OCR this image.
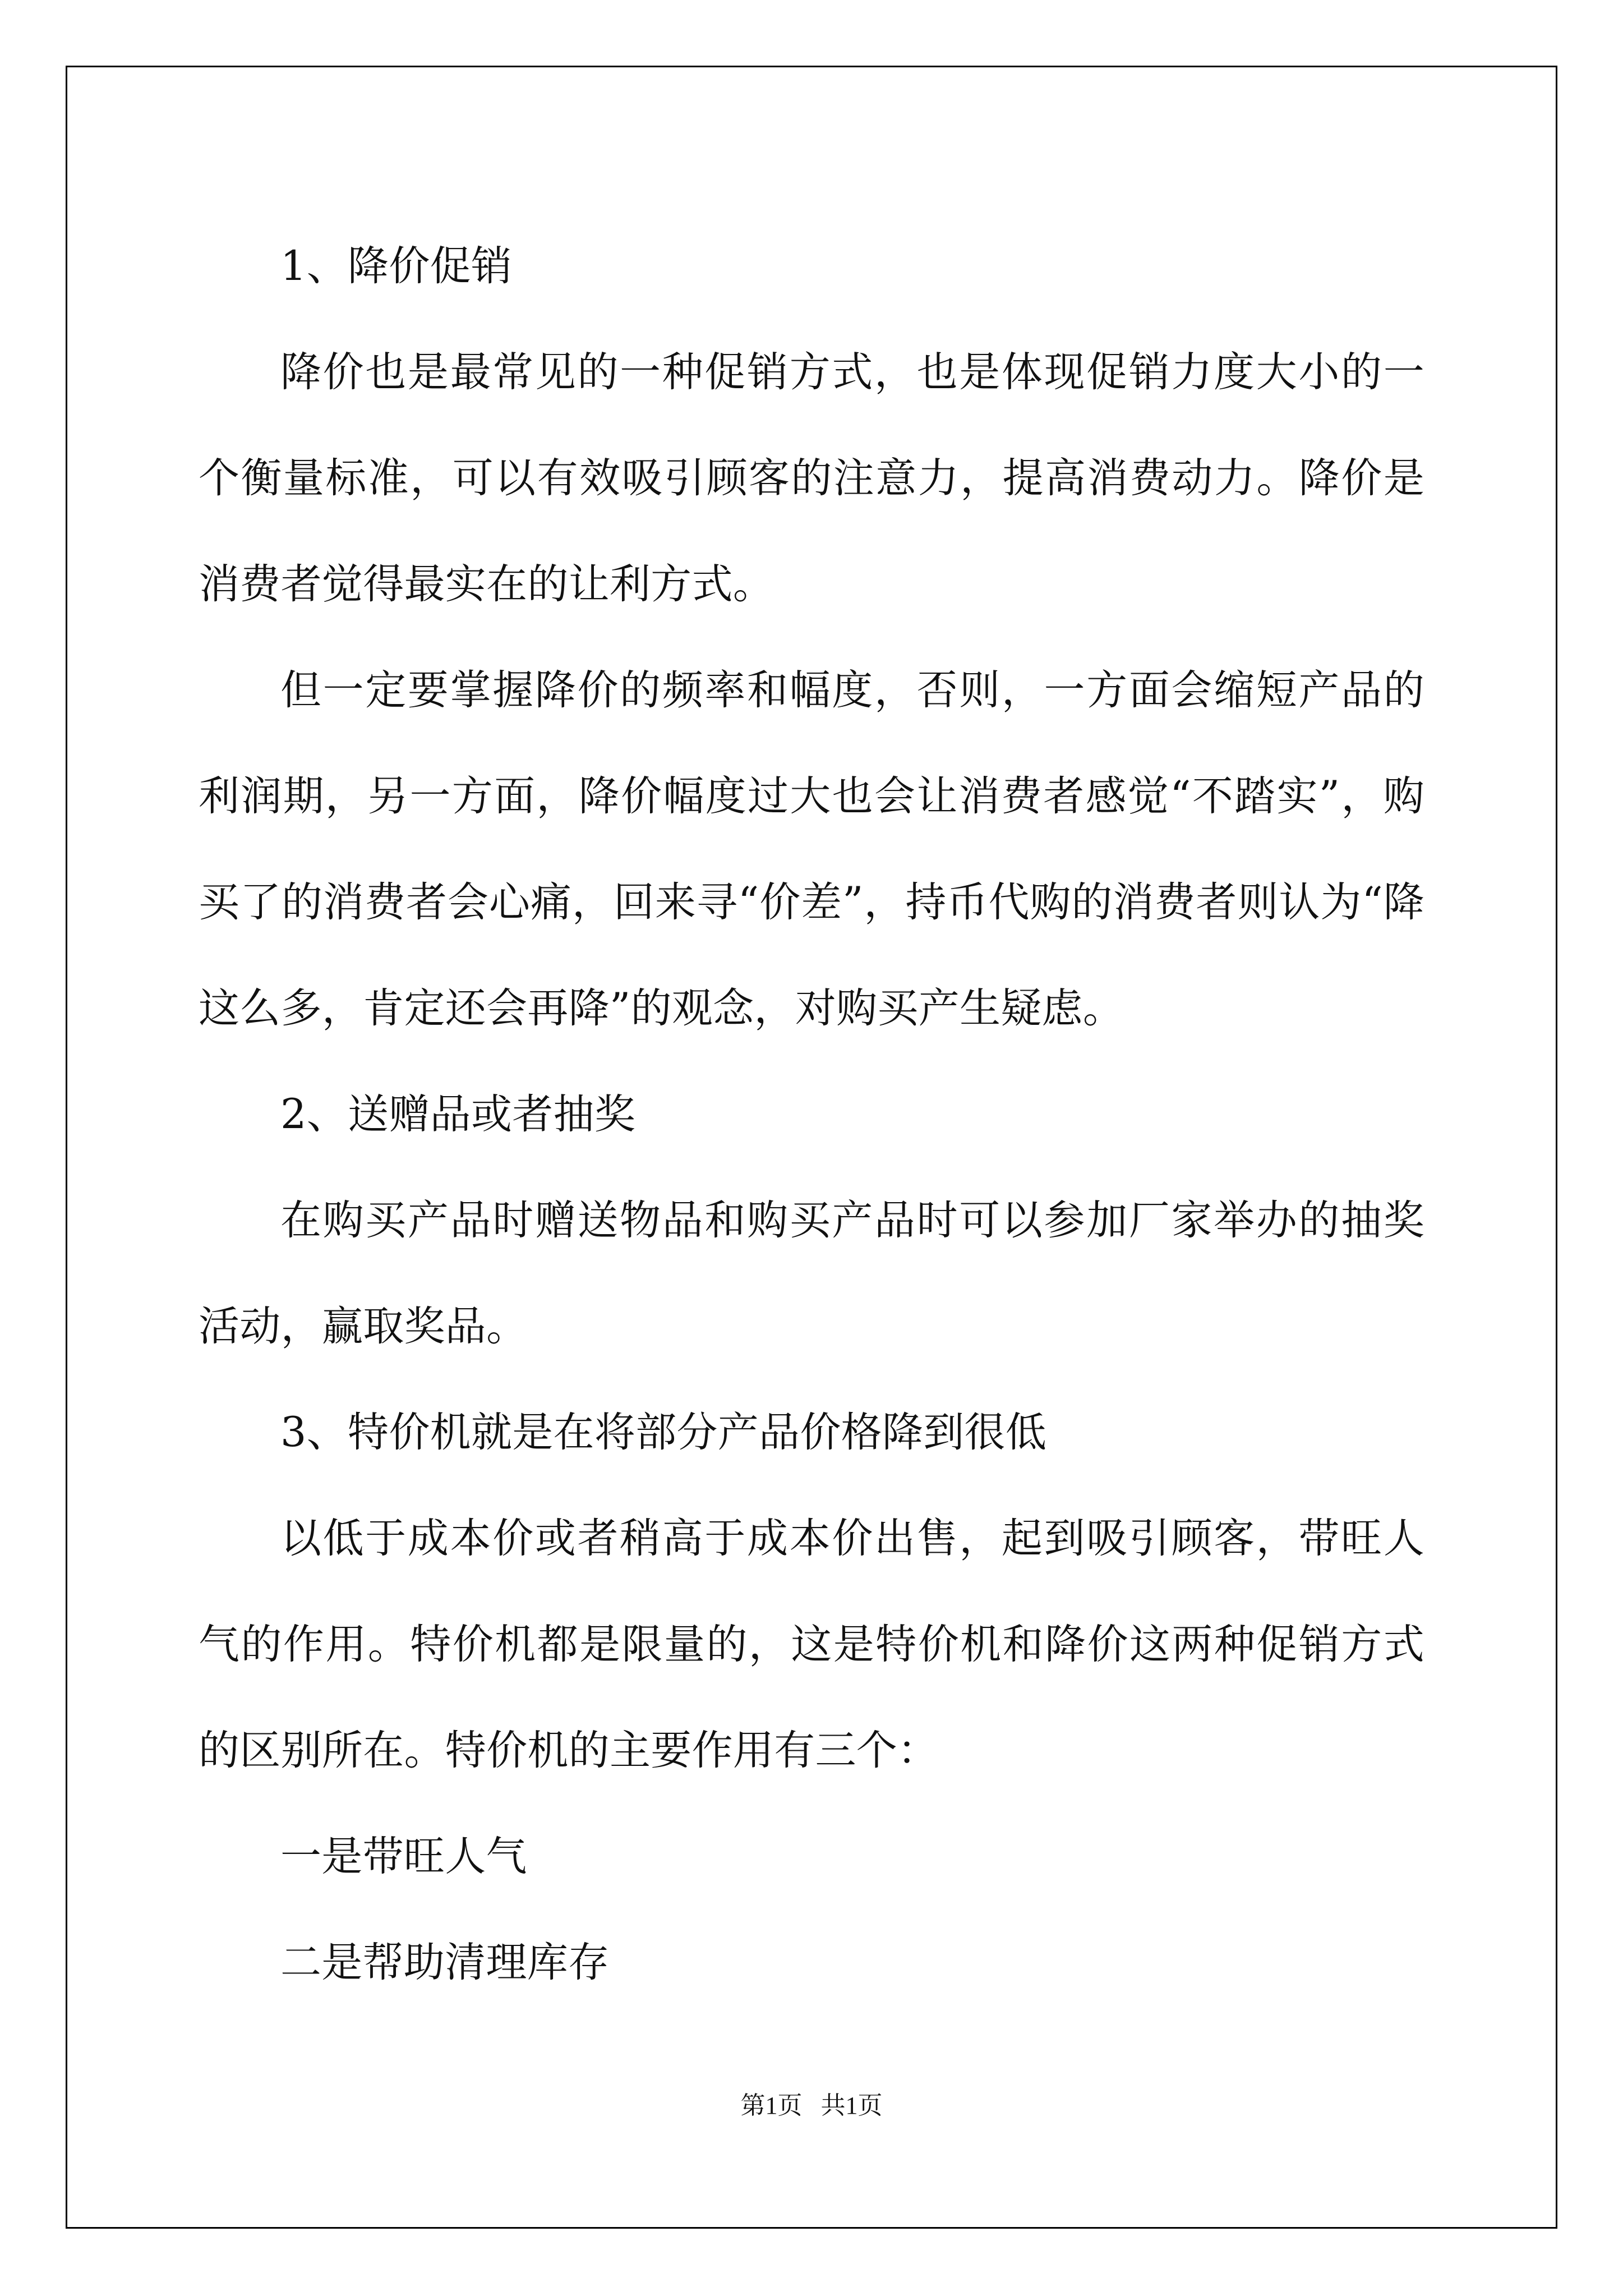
1、降价促销

降价也是最常见的一种促销方式，也是体现促销力度大小的一个衡量标准，可以有效吸引顾客的注意力，提高消费动力。降价是消费者觉得最实在的让利方式。

但一定要掌握降价的频率和幅度，否则，一方面会缩短产品的利润期，另一方面，降价幅度过大也会让消费者感觉“不踏实”，购买了的消费者会心痛，回来寻“价差”，持币代购的消费者则认为“降这么多，肯定还会再降”的观念，对购买产生疑虑。

2、送赠品或者抽奖

在购买产品时赠送物品和购买产品时可以参加厂家举办的抽奖活动，赢取奖品。

3、特价机就是在将部分产品价格降到很低

以低于成本价或者稍高于成本价出售，起到吸引顾客，带旺人气的作用。特价机都是限量的，这是特价机和降价这两种促销方式的区别所在。特价机的主要作用有三个：

一是带旺人气

二是帮助清理库存

第1页 共1页
